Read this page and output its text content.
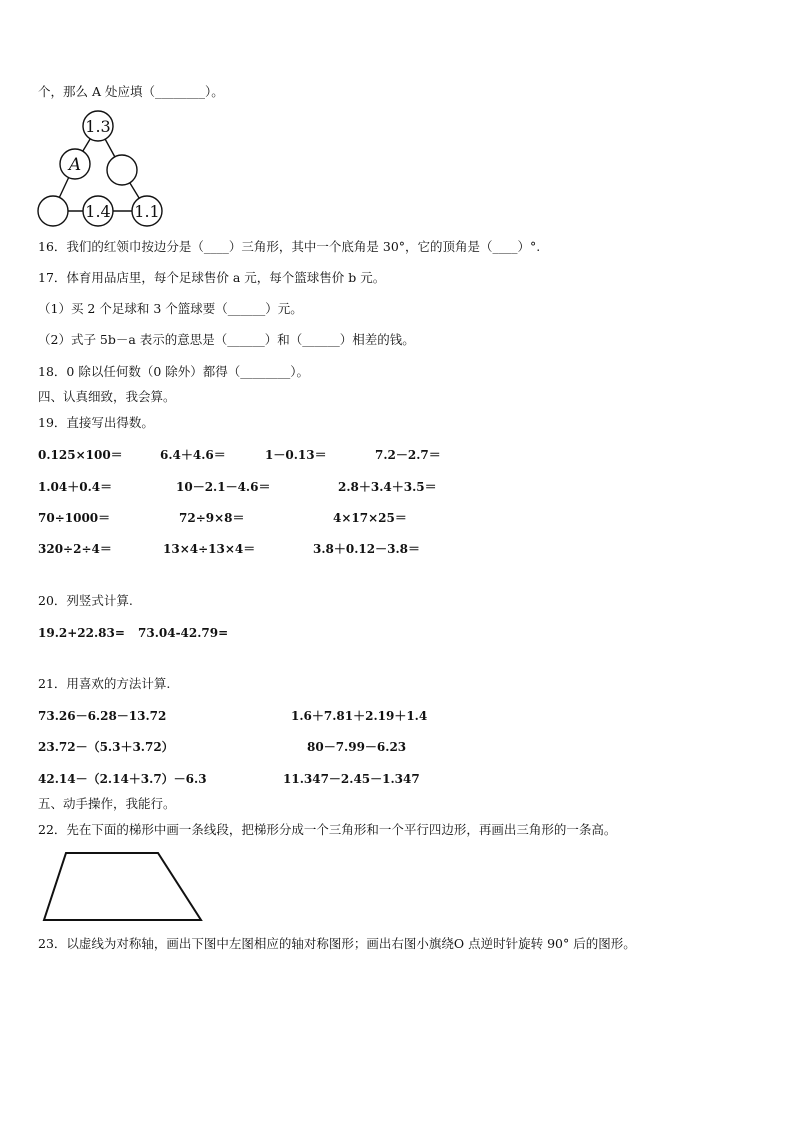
个，那么 A 处应填（________）。
1.3
A
1.4 1.1
16．我们的红领巾按边分是（____）三角形，其中一个底角是 30°，它的顶角是（____）°.
17．体育用品店里，每个足球售价 a 元，每个篮球售价 b 元。
（1）买 2 个足球和 3 个篮球要（______）元。
（2）式子 5b－a 表示的意思是（______）和（______）相差的钱。
18．0 除以任何数（0 除外）都得（________）。
四、认真细致，我会算。
19．直接写出得数。
0.125×100＝	6.4＋4.6＝	1－0.13＝	7.2－2.7＝
1.04＋0.4＝	10－2.1－4.6＝	2.8＋3.4＋3.5＝
70÷1000＝	72÷9×8＝	4×17×25＝
320÷2÷4＝	13×4÷13×4＝	3.8＋0.12－3.8＝
20．列竖式计算.
19.2+22.83= 73.04-42.79=
21．用喜欢的方法计算.
73.26－6.28－13.72	1.6＋7.81＋2.19＋1.4
23.72－（5.3＋3.72）	80－7.99－6.23
42.14－（2.14＋3.7）－6.3	11.347－2.45－1.347
五、动手操作，我能行。
22．先在下面的梯形中画一条线段，把梯形分成一个三角形和一个平行四边形，再画出三角形的一条高。
23．以虚线为对称轴，画出下图中左图相应的轴对称图形；画出右图小旗绕O 点逆时针旋转 90° 后的图形。
